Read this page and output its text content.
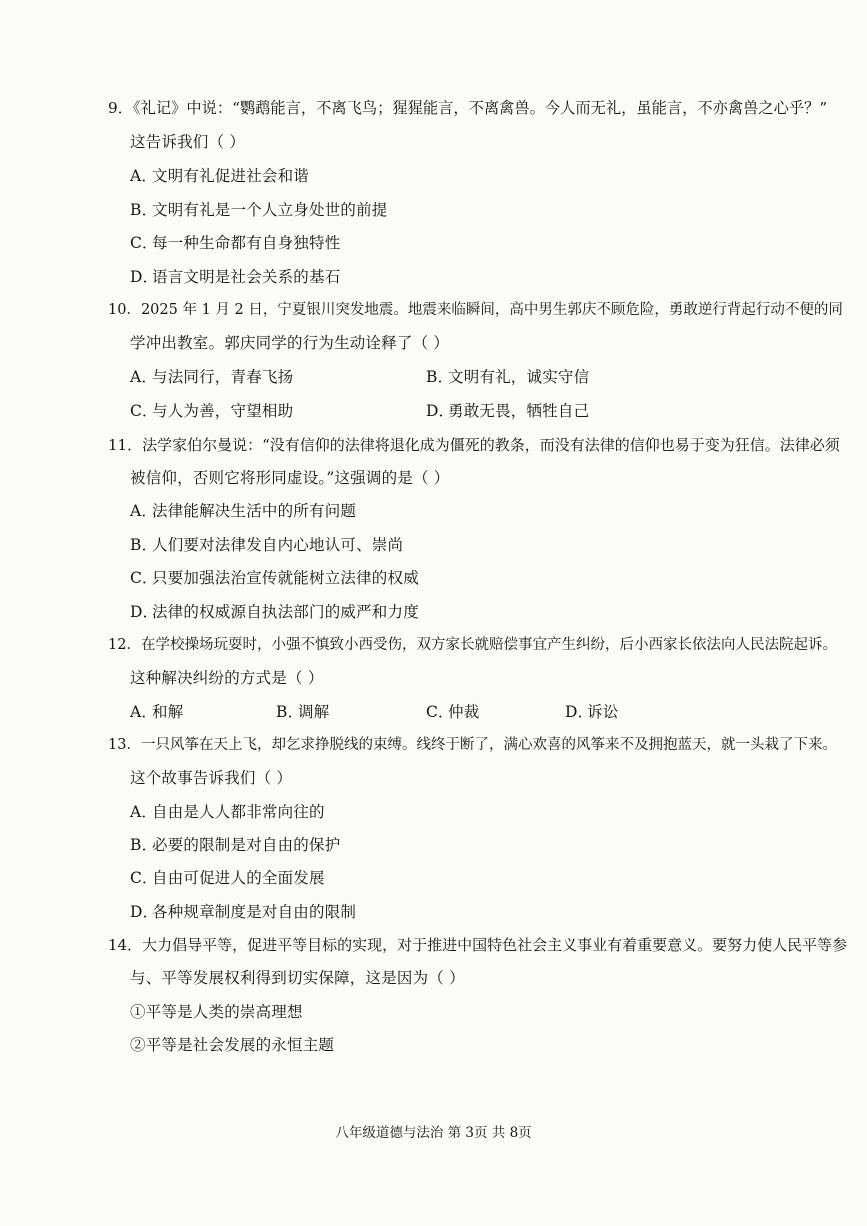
9．《礼记》中说：“鹦鹉能言，不离飞鸟；猩猩能言，不离禽兽。今人而无礼，虽能言，不亦禽兽之心乎？”
这告诉我们（ ）
A．文明有礼促进社会和谐
B．文明有礼是一个人立身处世的前提
C．每一种生命都有自身独特性
D．语言文明是社会关系的基石
10．2025 年 1 月 2 日，宁夏银川突发地震。地震来临瞬间，高中男生郭庆不顾危险，勇敢逆行背起行动不便的同
学冲出教室。郭庆同学的行为生动诠释了（ ）
A．与法同行，青春飞扬	B．文明有礼，诚实守信
C．与人为善，守望相助	D．勇敢无畏，牺牲自己
11．法学家伯尔曼说：“没有信仰的法律将退化成为僵死的教条，而没有法律的信仰也易于变为狂信。法律必须
被信仰，否则它将形同虚设。”这强调的是（ ）
A．法律能解决生活中的所有问题
B．人们要对法律发自内心地认可、崇尚
C．只要加强法治宣传就能树立法律的权威
D．法律的权威源自执法部门的威严和力度
12．在学校操场玩耍时，小强不慎致小西受伤，双方家长就赔偿事宜产生纠纷，后小西家长依法向人民法院起诉。
这种解决纠纷的方式是（ ）
A．和解	B．调解	C．仲裁	D．诉讼
13．一只风筝在天上飞，却乞求挣脱线的束缚。线终于断了，满心欢喜的风筝来不及拥抱蓝天，就一头栽了下来。
这个故事告诉我们（ ）
A．自由是人人都非常向往的
B．必要的限制是对自由的保护
C．自由可促进人的全面发展
D．各种规章制度是对自由的限制
14．大力倡导平等，促进平等目标的实现，对于推进中国特色社会主义事业有着重要意义。要努力使人民平等参
与、平等发展权利得到切实保障，这是因为（ ）
①平等是人类的崇高理想
②平等是社会发展的永恒主题
八年级道德与法治 第 3页 共 8页
